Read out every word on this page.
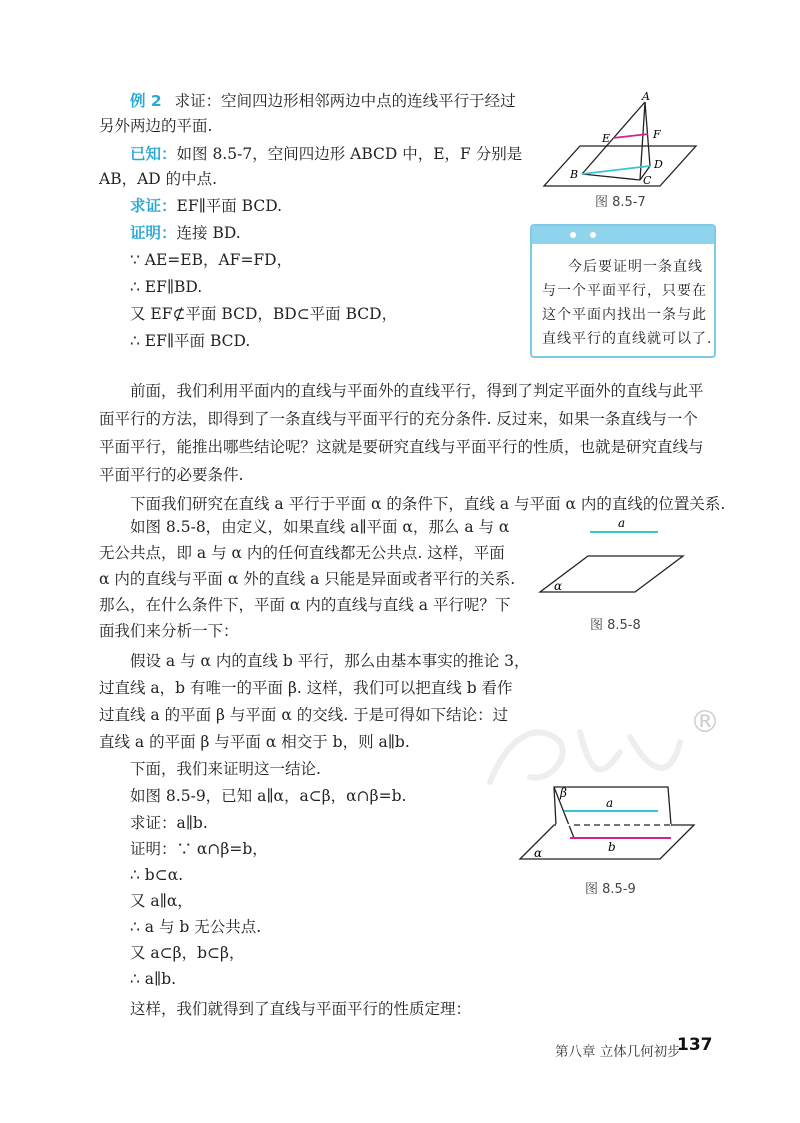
例 2 求证：空间四边形相邻两边中点的连线平行于经过
另外两边的平面.
已知：如图 8.5-7，空间四边形 ABCD 中，E，F 分别是
AB，AD 的中点.
求证：EF∥平面 BCD.
证明：连接 BD.
∵ AE=EB，AF=FD，
∴ EF∥BD.
又 EF⊄平面 BCD，BD⊂平面 BCD，
∴ EF∥平面 BCD.
A
E	F
D
B	C
图 8.5-7
今后要证明一条直线
与一个平面平行，只要在
这个平面内找出一条与此
直线平行的直线就可以了.
前面，我们利用平面内的直线与平面外的直线平行，得到了判定平面外的直线与此平
面平行的方法，即得到了一条直线与平面平行的充分条件. 反过来，如果一条直线与一个
平面平行，能推出哪些结论呢？这就是要研究直线与平面平行的性质，也就是研究直线与
平面平行的必要条件.
下面我们研究在直线 a 平行于平面 α 的条件下，直线 a 与平面 α 内的直线的位置关系.
如图 8.5-8，由定义，如果直线 a∥平面 α，那么 a 与 α
无公共点，即 a 与 α 内的任何直线都无公共点. 这样，平面
α 内的直线与平面 α 外的直线 a 只能是异面或者平行的关系.
那么，在什么条件下，平面 α 内的直线与直线 a 平行呢？下
面我们来分析一下：
a
α
图 8.5-8
假设 a 与 α 内的直线 b 平行，那么由基本事实的推论 3，
过直线 a，b 有唯一的平面 β. 这样，我们可以把直线 b 看作
过直线 a 的平面 β 与平面 α 的交线. 于是可得如下结论：过
直线 a 的平面 β 与平面 α 相交于 b，则 a∥b.
®
下面，我们来证明这一结论.
如图 8.5-9，已知 a∥α，a⊂β，α∩β=b.
求证：a∥b.
证明：∵ α∩β=b，
∴ b⊂α.
又 a∥α，
∴ a 与 b 无公共点.
又 a⊂β，b⊂β，
∴ a∥b.
β
a
b
α
图 8.5-9
这样，我们就得到了直线与平面平行的性质定理：
第八章 立体几何初步
137
